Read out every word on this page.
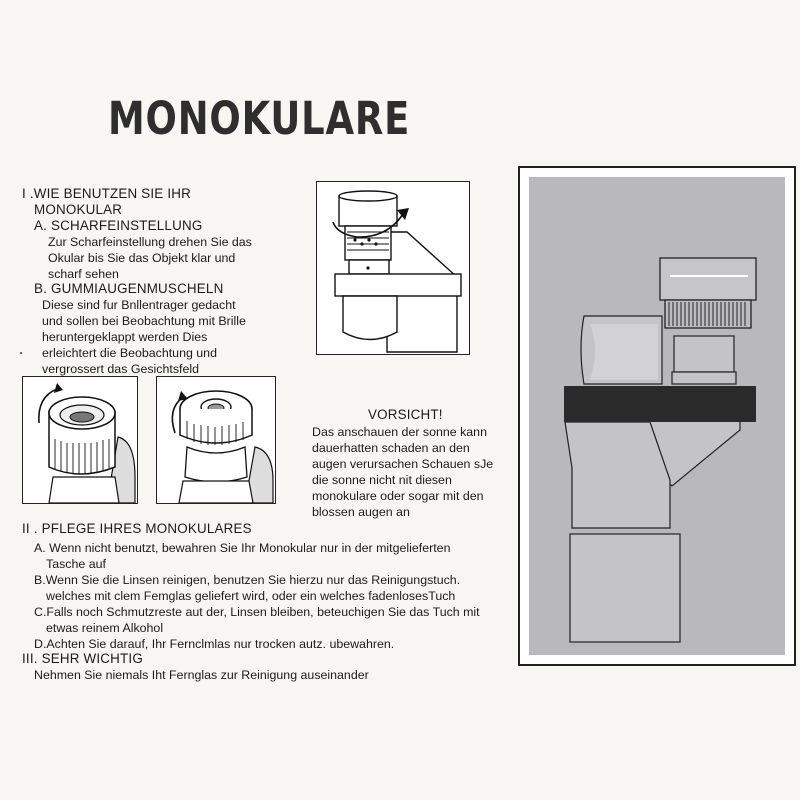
MONOKULARE
I .WIE BENUTZEN SIE IHR
MONOKULAR
A. SCHARFEINSTELLUNG
Zur Scharfeinstellung drehen Sie das
Okular bis Sie das Objekt klar und
scharf sehen
B. GUMMIAUGENMUSCHELN
Diese sind fur Bnllentrager gedacht
und sollen bei Beobachtung mit Brille
heruntergeklappt werden Dies
erleichtert die Beobachtung und
vergrossert das Gesichtsfeld
VORSICHT!
Das anschauen der sonne kann
dauerhatten schaden an den
augen verursachen Schauen sJe
die sonne nicht nit diesen
monokulare oder sogar mit den
blossen augen an
II . PFLEGE IHRES MONOKULARES
A. Wenn nicht benutzt, bewahren Sie Ihr Monokular nur in der mitgelieferten
Tasche auf
B.Wenn Sie die Linsen reinigen, benutzen Sie hierzu nur das Reinigungstuch.
welches mit clem Femglas geliefert wird, oder ein welches fadenlosesTuch
C.Falls noch Schmutzreste aut der, Linsen bleiben, beteuchigen Sie das Tuch mit
etwas reinem Alkohol
D.Achten Sie darauf, Ihr Fernclmlas nur trocken autz. ubewahren.
III. SEHR WICHTIG
Nehmen Sie niemals Iht Fernglas zur Reinigung auseinander
